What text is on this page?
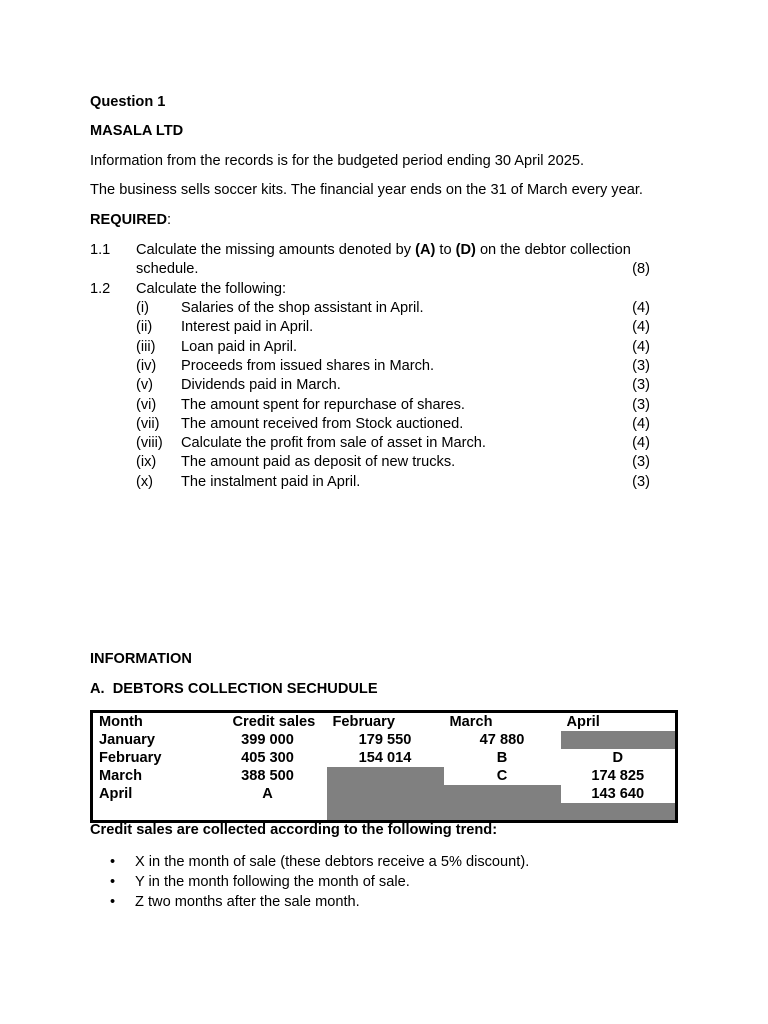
Question 1
MASALA LTD
Information from the records is for the budgeted period ending 30 April 2025.
The business sells soccer kits. The financial year ends on the 31 of March every year.
REQUIRED:
1.1 Calculate the missing amounts denoted by (A) to (D) on the debtor collection
schedule.	(8)
1.2 Calculate the following:
(i) Salaries of the shop assistant in April.	(4)
(ii) Interest paid in April.	(4)
(iii) Loan paid in April.	(4)
(iv) Proceeds from issued shares in March.	(3)
(v) Dividends paid in March.	(3)
(vi) The amount spent for repurchase of shares.	(3)
(vii) The amount received from Stock auctioned.	(4)
(viii) Calculate the profit from sale of asset in March.	(4)
(ix) The amount paid as deposit of new trucks.	(3)
(x) The instalment paid in April.	(3)
INFORMATION
A. DEBTORS COLLECTION SECHUDULE
Month	Credit sales	February	March	April
January	399 000	179 550	47 880	
February	405 300	154 014	B	D
March	388 500		C	174 825
April	A			143 640

Credit sales are collected according to the following trend:
• X in the month of sale (these debtors receive a 5% discount).
• Y in the month following the month of sale.
• Z two months after the sale month.
